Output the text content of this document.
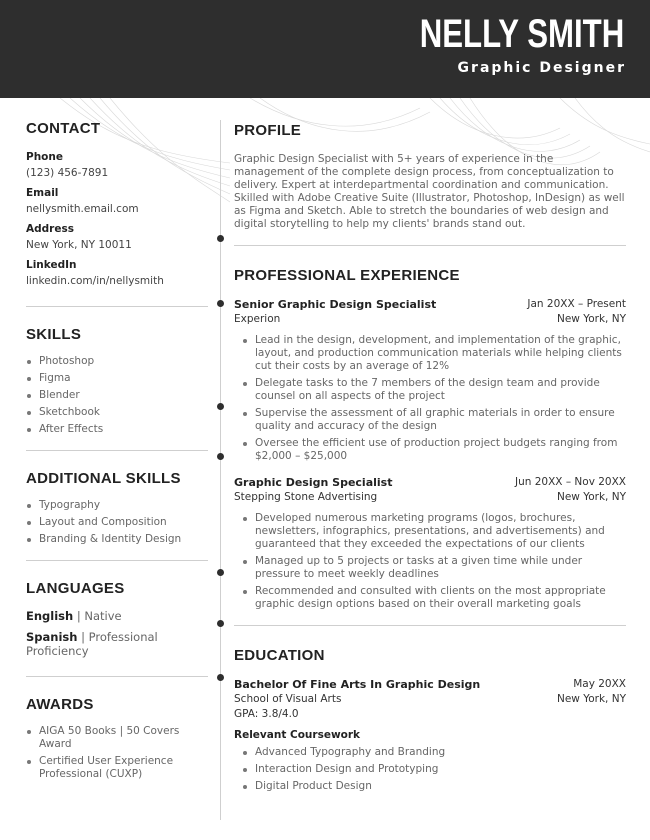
NELLY SMITH
Graphic Designer
CONTACT
Phone
(123) 456-7891
Email
nellysmith.email.com
Address
New York, NY 10011
LinkedIn
linkedin.com/in/nellysmith
SKILLS
Photoshop
Figma
Blender
Sketchbook
After Effects
ADDITIONAL SKILLS
Typography
Layout and Composition
Branding & Identity Design
LANGUAGES
English | Native
Spanish | Professional Proficiency
AWARDS
AIGA 50 Books | 50 Covers Award
Certified User Experience Professional (CUXP)
PROFILE
Graphic Design Specialist with 5+ years of experience in the management of the complete design process, from conceptualization to delivery. Expert at interdepartmental coordination and communication. Skilled with Adobe Creative Suite (Illustrator, Photoshop, InDesign) as well as Figma and Sketch. Able to stretch the boundaries of web design and digital storytelling to help my clients' brands stand out.
PROFESSIONAL EXPERIENCE
Senior Graphic Design Specialist	Jan 20XX – Present
Experion	New York, NY
Lead in the design, development, and implementation of the graphic, layout, and production communication materials while helping clients cut their costs by an average of 12%
Delegate tasks to the 7 members of the design team and provide counsel on all aspects of the project
Supervise the assessment of all graphic materials in order to ensure quality and accuracy of the design
Oversee the efficient use of production project budgets ranging from $2,000 – $25,000
Graphic Design Specialist	Jun 20XX – Nov 20XX
Stepping Stone Advertising	New York, NY
Developed numerous marketing programs (logos, brochures, newsletters, infographics, presentations, and advertisements) and guaranteed that they exceeded the expectations of our clients
Managed up to 5 projects or tasks at a given time while under pressure to meet weekly deadlines
Recommended and consulted with clients on the most appropriate graphic design options based on their overall marketing goals
EDUCATION
Bachelor Of Fine Arts In Graphic Design	May 20XX
School of Visual Arts	New York, NY
GPA: 3.8/4.0
Relevant Coursework
Advanced Typography and Branding
Interaction Design and Prototyping
Digital Product Design
